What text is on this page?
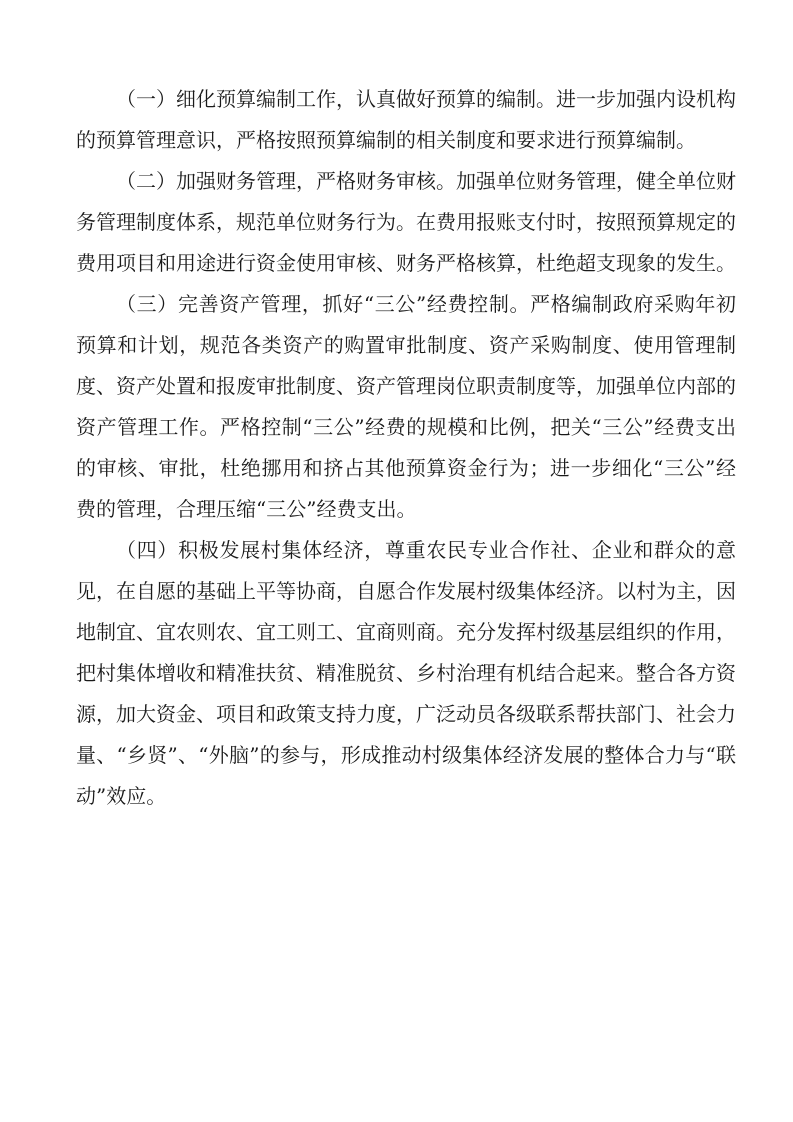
（一）细化预算编制工作，认真做好预算的编制。进一步加强内设机构的预算管理意识，严格按照预算编制的相关制度和要求进行预算编制。

（二）加强财务管理，严格财务审核。加强单位财务管理，健全单位财务管理制度体系，规范单位财务行为。在费用报账支付时，按照预算规定的费用项目和用途进行资金使用审核、财务严格核算，杜绝超支现象的发生。

（三）完善资产管理，抓好“三公”经费控制。严格编制政府采购年初预算和计划，规范各类资产的购置审批制度、资产采购制度、使用管理制度、资产处置和报废审批制度、资产管理岗位职责制度等，加强单位内部的资产管理工作。严格控制“三公”经费的规模和比例，把关“三公”经费支出的审核、审批，杜绝挪用和挤占其他预算资金行为；进一步细化“三公”经费的管理，合理压缩“三公”经费支出。

（四）积极发展村集体经济，尊重农民专业合作社、企业和群众的意见，在自愿的基础上平等协商，自愿合作发展村级集体经济。以村为主，因地制宜、宜农则农、宜工则工、宜商则商。充分发挥村级基层组织的作用，把村集体增收和精准扶贫、精准脱贫、乡村治理有机结合起来。整合各方资源，加大资金、项目和政策支持力度，广泛动员各级联系帮扶部门、社会力量、“乡贤”、“外脑”的参与，形成推动村级集体经济发展的整体合力与“联动”效应。
